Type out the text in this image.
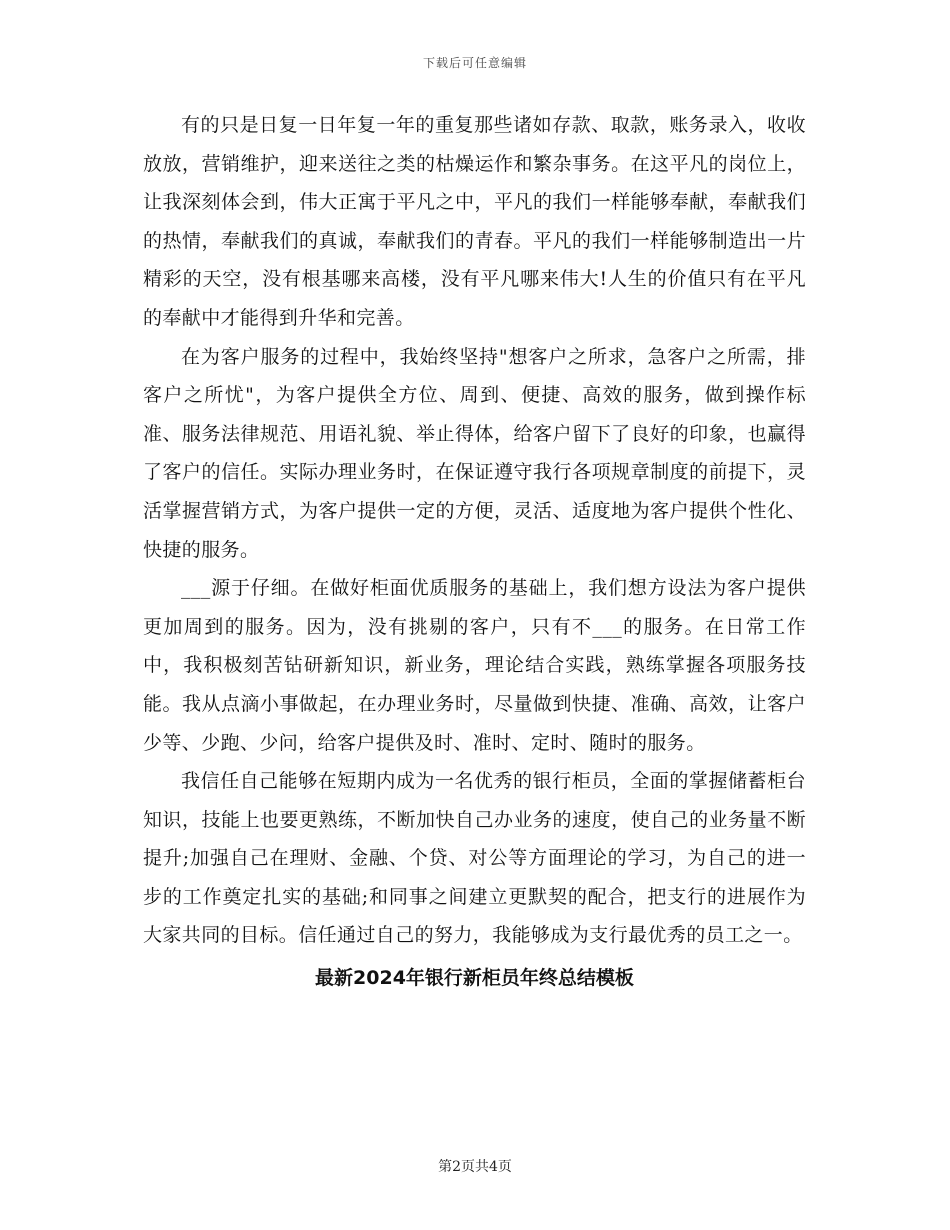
下载后可任意编辑

有的只是日复一日年复一年的重复那些诸如存款、取款，账务录入，收收放放，营销维护，迎来送往之类的枯燥运作和繁杂事务。在这平凡的岗位上，让我深刻体会到，伟大正寓于平凡之中，平凡的我们一样能够奉献，奉献我们的热情，奉献我们的真诚，奉献我们的青春。平凡的我们一样能够制造出一片精彩的天空，没有根基哪来高楼，没有平凡哪来伟大!人生的价值只有在平凡的奉献中才能得到升华和完善。

在为客户服务的过程中，我始终坚持"想客户之所求，急客户之所需，排客户之所忧"，为客户提供全方位、周到、便捷、高效的服务，做到操作标准、服务法律规范、用语礼貌、举止得体，给客户留下了良好的印象，也赢得了客户的信任。实际办理业务时，在保证遵守我行各项规章制度的前提下，灵活掌握营销方式，为客户提供一定的方便，灵活、适度地为客户提供个性化、快捷的服务。

___源于仔细。在做好柜面优质服务的基础上，我们想方设法为客户提供更加周到的服务。因为，没有挑剔的客户，只有不___的服务。在日常工作中，我积极刻苦钻研新知识，新业务，理论结合实践，熟练掌握各项服务技能。我从点滴小事做起，在办理业务时，尽量做到快捷、准确、高效，让客户少等、少跑、少问，给客户提供及时、准时、定时、随时的服务。

我信任自己能够在短期内成为一名优秀的银行柜员，全面的掌握储蓄柜台知识，技能上也要更熟练，不断加快自己办业务的速度，使自己的业务量不断提升;加强自己在理财、金融、个贷、对公等方面理论的学习，为自己的进一步的工作奠定扎实的基础;和同事之间建立更默契的配合，把支行的进展作为大家共同的目标。信任通过自己的努力，我能够成为支行最优秀的员工之一。

最新2024年银行新柜员年终总结模板
第2页共4页
